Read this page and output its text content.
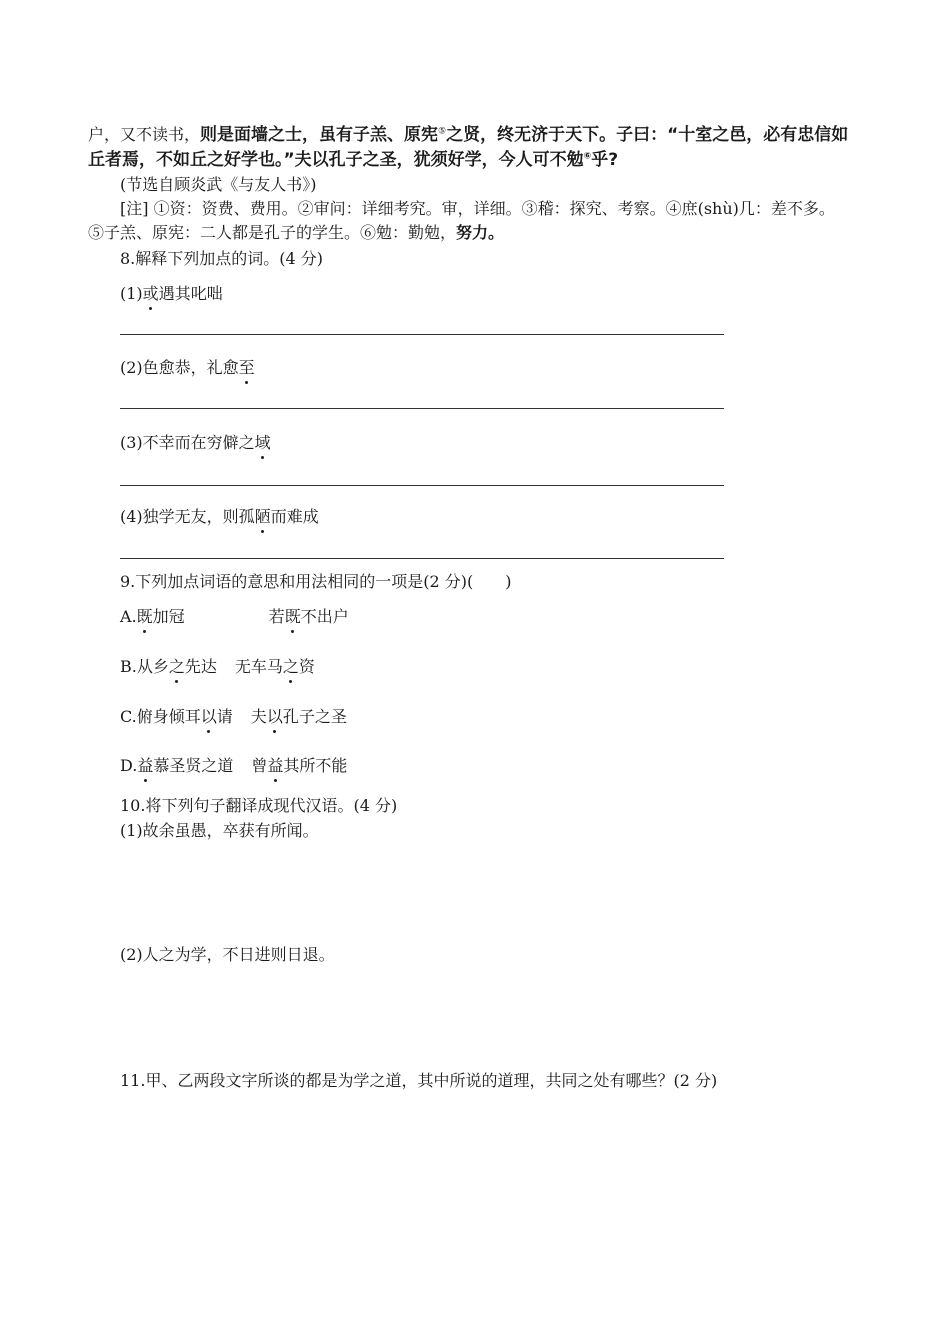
户，又不读书，则是面墙之士，虽有子羔、原宪⑤之贤，终无济于天下。子曰：“十室之邑，必有忠信如
丘者焉，不如丘之好学也。”夫以孔子之圣，犹须好学，今人可不勉⑥乎?
(节选自顾炎武《与友人书》)
[注] ①资：资费、费用。②审问：详细考究。审，详细。③稽：探究、考察。④庶(shù)几：差不多。
⑤子羔、原宪：二人都是孔子的学生。⑥勉：勤勉，努力。
8.解释下列加点的词。(4 分)
(1)或遇其叱咄
(2)色愈恭，礼愈至
(3)不幸而在穷僻之域
(4)独学无友，则孤陋而难成
9.下列加点词语的意思和用法相同的一项是(2 分)(　　)
A.既加冠	若既不出户
B.从乡之先达 无车马之资
C.俯身倾耳以请 夫以孔子之圣
D.益慕圣贤之道 曾益其所不能
10.将下列句子翻译成现代汉语。(4 分)
(1)故余虽愚，卒获有所闻。
(2)人之为学，不日进则日退。
11.甲、乙两段文字所谈的都是为学之道，其中所说的道理，共同之处有哪些？(2 分)
